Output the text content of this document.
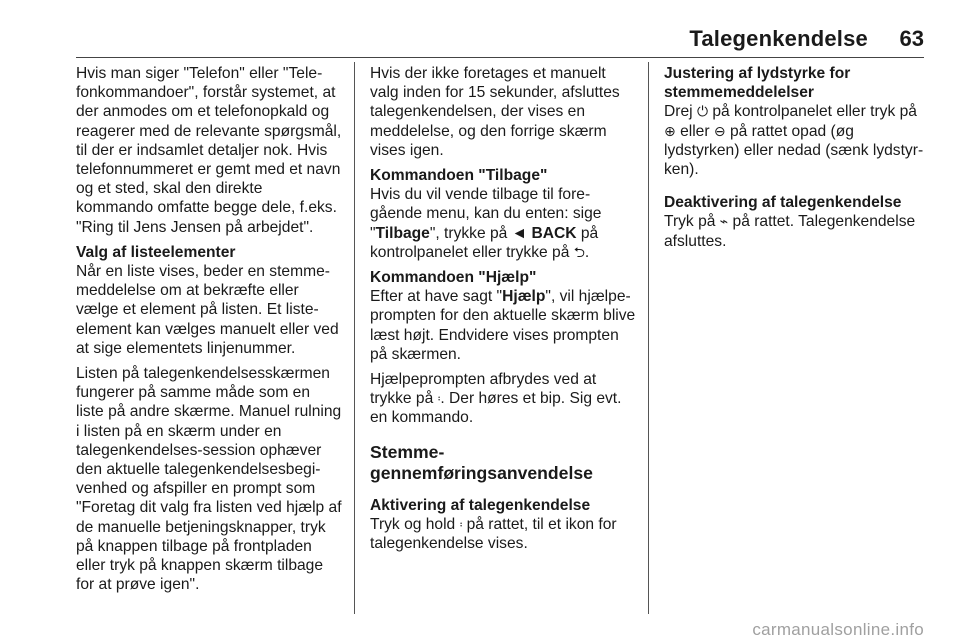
Talegenkendelse 63

Hvis man siger "Telefon" eller "Telefonkommandoer", forstår systemet, at der anmodes om et telefonopkald og reagerer med de relevante spørgsmål, til der er indsamlet detaljer nok. Hvis telefonnummeret er gemt med et navn og et sted, skal den direkte kommando omfatte begge dele, f.eks. "Ring til Jens Jensen på arbejdet".

Valg af listeelementer

Når en liste vises, beder en stemmemeddelelse om at bekræfte eller vælge et element på listen. Et listeelement kan vælges manuelt eller ved at sige elementets linjenummer.

Listen på talegenkendelsesskærmen fungerer på samme måde som en liste på andre skærme. Manuel rulning i listen på en skærm under en talegenkendelses-session ophæver den aktuelle talegenkendelsesbegivenhed og afspiller en prompt som "Foretag dit valg fra listen ved hjælp af de manuelle betjeningsknapper, tryk på knappen tilbage på frontpladen eller tryk på knappen skærm tilbage for at prøve igen".

Hvis der ikke foretages et manuelt valg inden for 15 sekunder, afsluttes talegenkendelsen, der vises en meddelelse, og den forrige skærm vises igen.

Kommandoen "Tilbage"

Hvis du vil vende tilbage til foregående menu, kan du enten: sige "Tilbage", trykke på ◄ BACK på kontrolpanelet eller trykke på ⮌.

Kommandoen "Hjælp"

Efter at have sagt "Hjælp", vil hjælpeprompten for den aktuelle skærm blive læst højt. Endvidere vises prompten på skærmen.

Hjælpeprompten afbrydes ved at trykke på 𝄈. Der høres et bip. Sig evt. en kommando.

Stemme-gennemføringsanvendelse

Aktivering af talegenkendelse

Tryk og hold 𝄈 på rattet, til et ikon for talegenkendelse vises.

Justering af lydstyrke for stemmemeddelelser

Drej ⏻ på kontrolpanelet eller tryk på ⊕ eller ⊖ på rattet opad (øg lydstyrken) eller nedad (sænk lydstyrken).

Deaktivering af talegenkendelse

Tryk på ⌁ på rattet. Talegenkendelse afsluttes.

carmanualsonline.info
